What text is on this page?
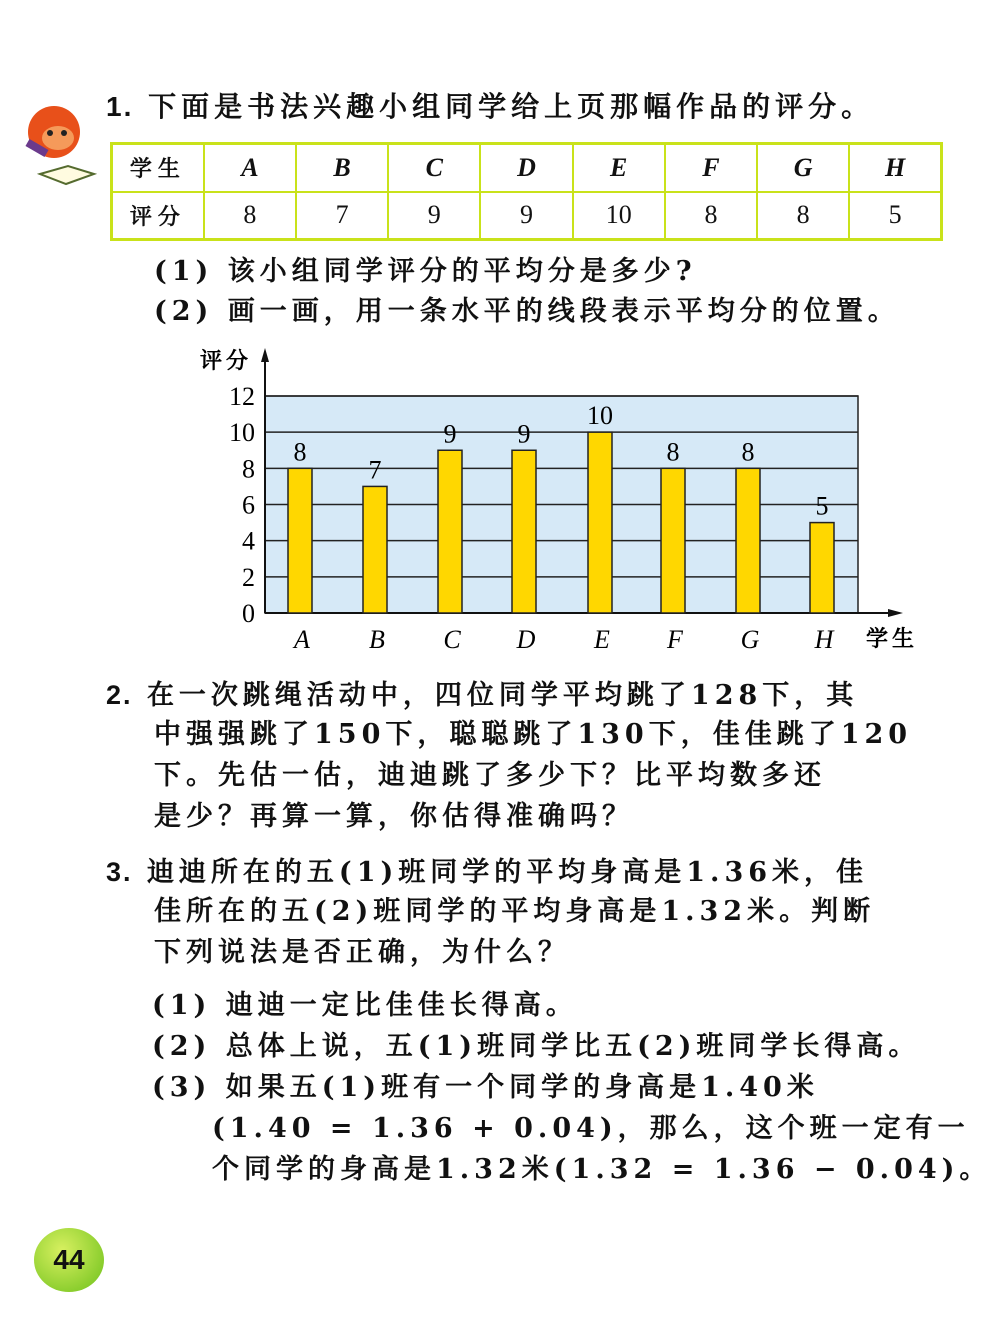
1. 下面是书法兴趣小组同学给上页那幅作品的评分。
学生	A	B	C	D	E	F	G	H
评分	8	7	9	9	10	8	8	5
(1) 该小组同学评分的平均分是多少?
(2) 画一画，用一条水平的线段表示平均分的位置。
0
2
4
6
8
10
12
评分
学生
8
A
7
B
9
C
9
D
10
E
8
F
8
G
5
H
2. 在一次跳绳活动中，四位同学平均跳了128下，其
中强强跳了150下，聪聪跳了130下，佳佳跳了120
下。先估一估，迪迪跳了多少下？比平均数多还
是少？再算一算，你估得准确吗？
3. 迪迪所在的五(1)班同学的平均身高是1.36米，佳
佳所在的五(2)班同学的平均身高是1.32米。判断
下列说法是否正确，为什么？
(1) 迪迪一定比佳佳长得高。
(2) 总体上说，五(1)班同学比五(2)班同学长得高。
(3) 如果五(1)班有一个同学的身高是1.40米
(1.40 = 1.36 + 0.04)，那么，这个班一定有一
个同学的身高是1.32米(1.32 = 1.36 − 0.04)。
44
